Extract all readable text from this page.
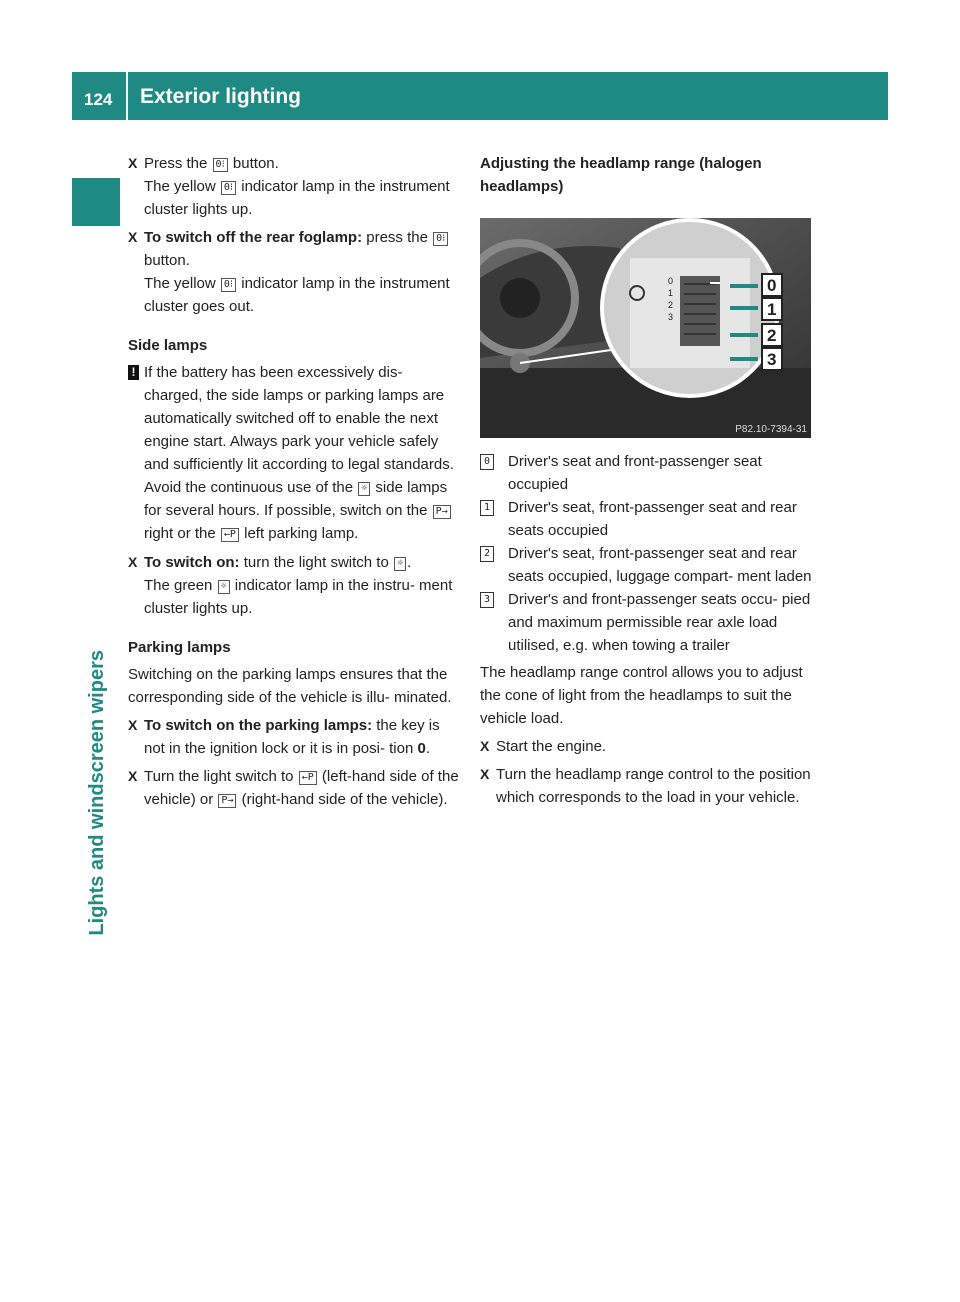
124 Exterior lighting
Lights and windscreen wipers

X Press the 0⁝ button.
The yellow 0⁝ indicator lamp in the instrument cluster lights up.

X To switch off the rear foglamp: press the 0⁝ button.
The yellow 0⁝ indicator lamp in the instrument cluster goes out.

Side lamps

! If the battery has been excessively dis- charged, the side lamps or parking lamps are automatically switched off to enable the next engine start. Always park your vehicle safely and sufficiently lit according to legal standards. Avoid the continuous use of the ☼ side lamps for several hours. If possible, switch on the P→ right or the ←P left parking lamp.

X To switch on: turn the light switch to ☼ .
The green ☼ indicator lamp in the instru- ment cluster lights up.

Parking lamps

Switching on the parking lamps ensures that the corresponding side of the vehicle is illu- minated.

X To switch on the parking lamps: the key is not in the ignition lock or it is in posi- tion 0.

X Turn the light switch to ←P (left-hand side of the vehicle) or P→ (right-hand side of the vehicle).

Adjusting the headlamp range (halogen headlamps)

0
1
2
3
0
1
2
3
P82.10-7394-31

0 Driver's seat and front-passenger seat occupied

1 Driver's seat, front-passenger seat and rear seats occupied

2 Driver's seat, front-passenger seat and rear seats occupied, luggage compart- ment laden

3 Driver's and front-passenger seats occu- pied and maximum permissible rear axle load utilised, e.g. when towing a trailer

The headlamp range control allows you to adjust the cone of light from the headlamps to suit the vehicle load.

X Start the engine.

X Turn the headlamp range control to the position which corresponds to the load in your vehicle.
